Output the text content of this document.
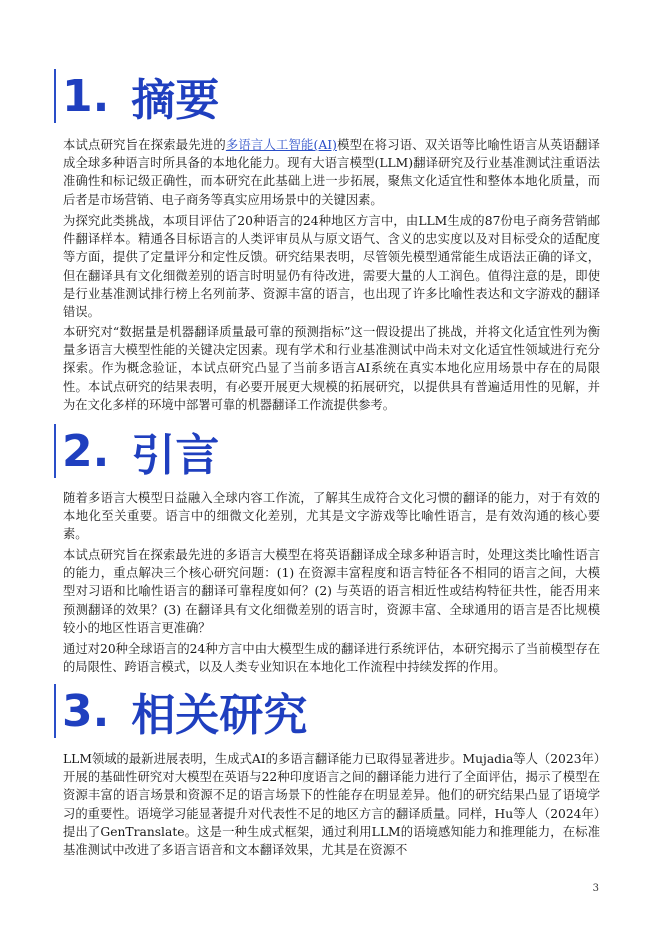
1. 摘要

本试点研究旨在探索最先进的多语言人工智能(AI)模型在将习语、双关语等比喻性语言从英语翻译成全球多种语言时所具备的本地化能力。现有大语言模型(LLM)翻译研究及行业基准测试注重语法准确性和标记级正确性，而本研究在此基础上进一步拓展，聚焦文化适宜性和整体本地化质量，而后者是市场营销、电子商务等真实应用场景中的关键因素。

为探究此类挑战，本项目评估了20种语言的24种地区方言中，由LLM生成的87份电子商务营销邮件翻译样本。精通各目标语言的人类评审员从与原文语气、含义的忠实度以及对目标受众的适配度等方面，提供了定量评分和定性反馈。研究结果表明，尽管领先模型通常能生成语法正确的译文，但在翻译具有文化细微差别的语言时明显仍有待改进，需要大量的人工润色。值得注意的是，即使是行业基准测试排行榜上名列前茅、资源丰富的语言，也出现了许多比喻性表达和文字游戏的翻译错误。

本研究对“数据量是机器翻译质量最可靠的预测指标”这一假设提出了挑战，并将文化适宜性列为衡量多语言大模型性能的关键决定因素。现有学术和行业基准测试中尚未对文化适宜性领域进行充分探索。作为概念验证，本试点研究凸显了当前多语言AI系统在真实本地化应用场景中存在的局限性。本试点研究的结果表明，有必要开展更大规模的拓展研究，以提供具有普遍适用性的见解，并为在文化多样的环境中部署可靠的机器翻译工作流提供参考。

2. 引言

随着多语言大模型日益融入全球内容工作流，了解其生成符合文化习惯的翻译的能力，对于有效的本地化至关重要。语言中的细微文化差别，尤其是文字游戏等比喻性语言，是有效沟通的核心要素。

本试点研究旨在探索最先进的多语言大模型在将英语翻译成全球多种语言时，处理这类比喻性语言的能力，重点解决三个核心研究问题：(1) 在资源丰富程度和语言特征各不相同的语言之间，大模型对习语和比喻性语言的翻译可靠程度如何？(2) 与英语的语言相近性或结构特征共性，能否用来预测翻译的效果？(3) 在翻译具有文化细微差别的语言时，资源丰富、全球通用的语言是否比规模较小的地区性语言更准确？

通过对20种全球语言的24种方言中由大模型生成的翻译进行系统评估，本研究揭示了当前模型存在的局限性、跨语言模式，以及人类专业知识在本地化工作流程中持续发挥的作用。

3. 相关研究

LLM领域的最新进展表明，生成式AI的多语言翻译能力已取得显著进步。Mujadia等人（2023年）开展的基础性研究对大模型在英语与22种印度语言之间的翻译能力进行了全面评估，揭示了模型在资源丰富的语言场景和资源不足的语言场景下的性能存在明显差异。他们的研究结果凸显了语境学习的重要性。语境学习能显著提升对代表性不足的地区方言的翻译质量。同样，Hu等人（2024年）提出了GenTranslate。这是一种生成式框架，通过利用LLM的语境感知能力和推理能力，在标准基准测试中改进了多语言语音和文本翻译效果，尤其是在资源不

3
